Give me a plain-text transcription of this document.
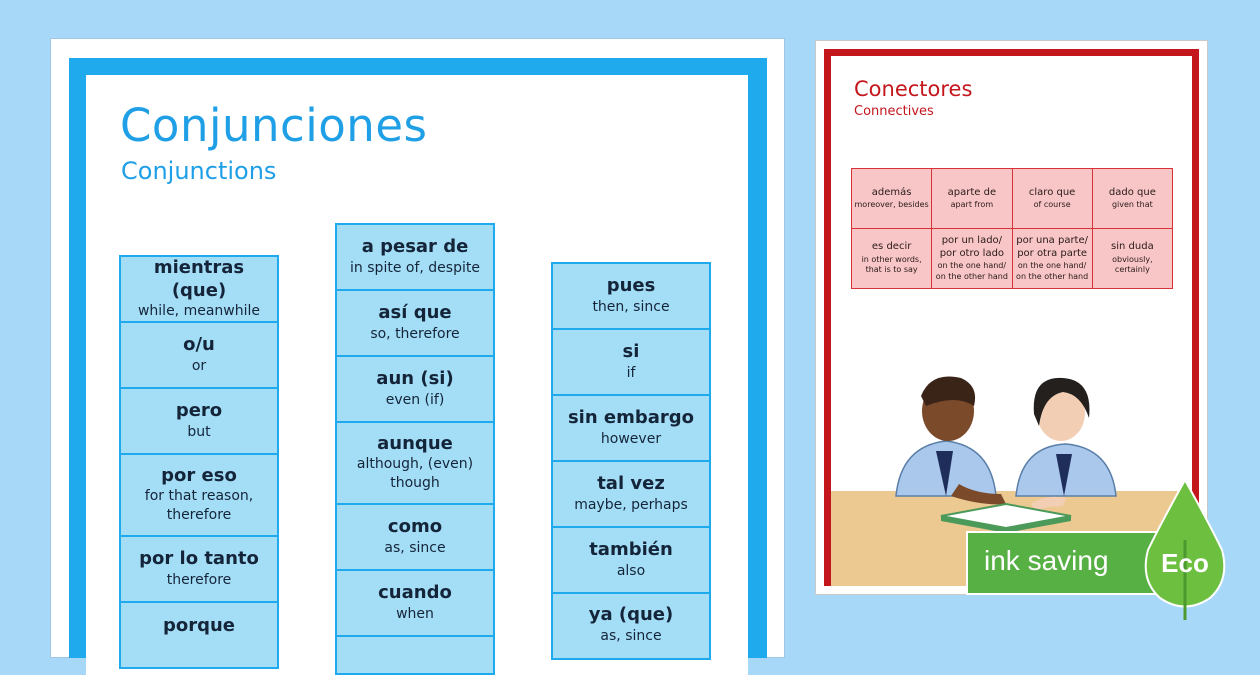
Conjunciones
Conjunctions
mientras (que)
while, meanwhile
o/u
or
pero
but
por eso
for that reason, therefore
por lo tanto
therefore
porque
a pesar de
in spite of, despite
así que
so, therefore
aun (si)
even (if)
aunque
although, (even) though
como
as, since
cuando
when
pues
then, since
si
if
sin embargo
however
tal vez
maybe, perhaps
también
also
ya (que)
as, since
Conectores
Connectives
además
moreover, besides
aparte de
apart from
claro que
of course
dado que
given that
es decir
in other words, that is to say
por un lado/ por otro lado
on the one hand/ on the other hand
por una parte/ por otra parte
on the one hand/ on the other hand
sin duda
obviously, certainly
ink saving Eco
